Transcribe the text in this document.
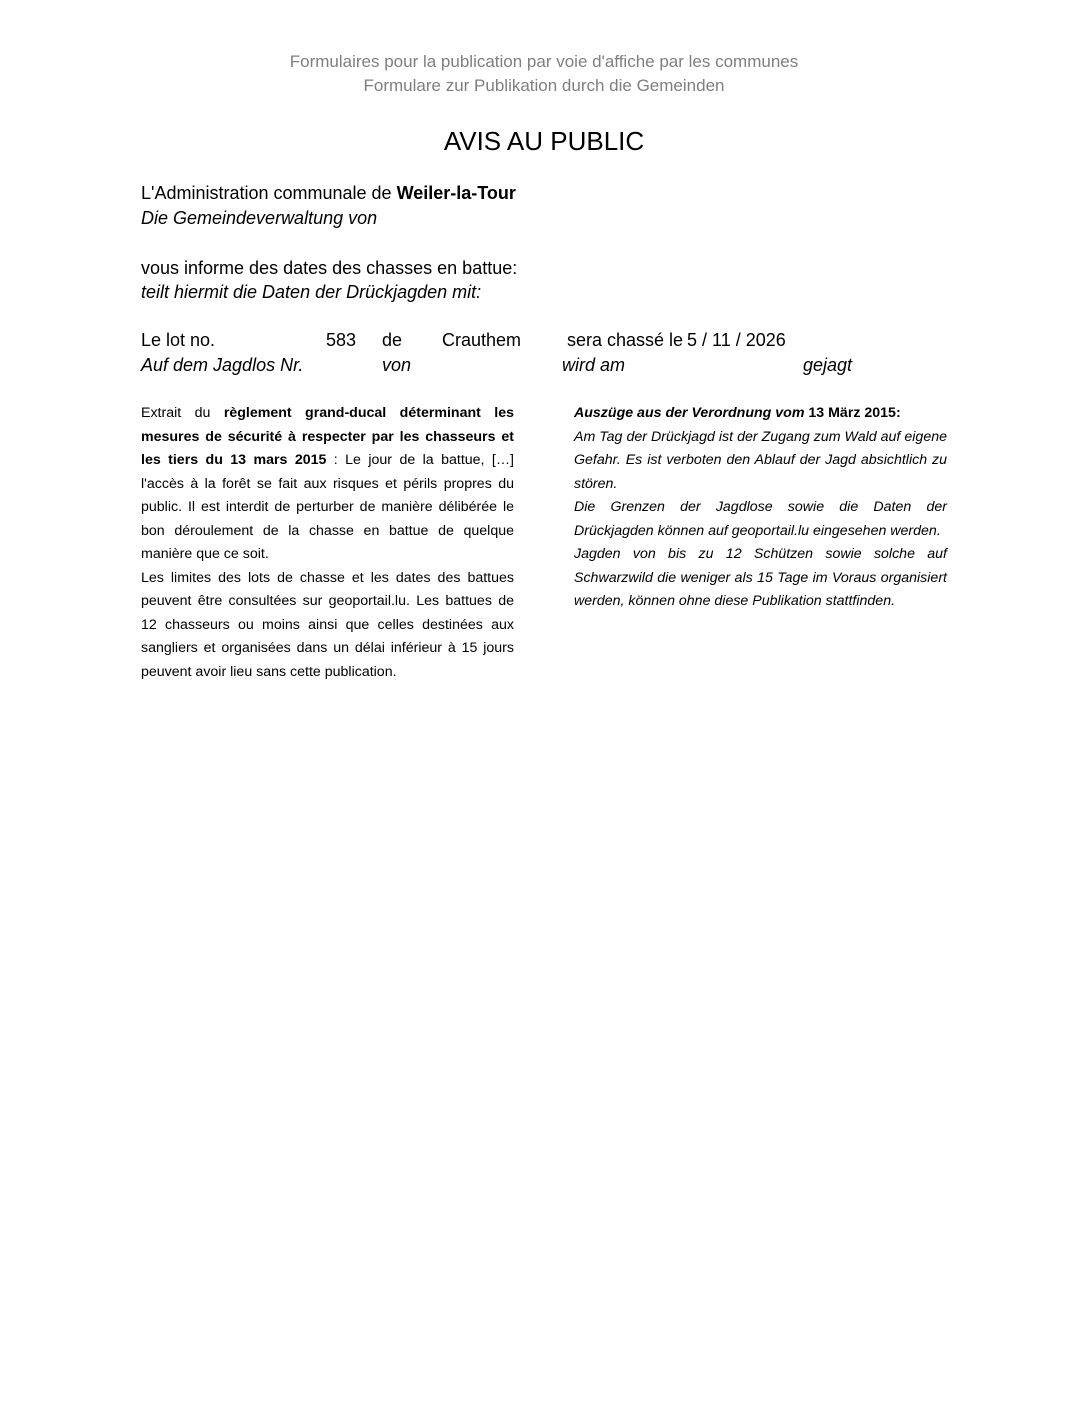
Formulaires pour la publication par voie d'affiche par les communes
Formulare zur Publikation durch die Gemeinden
AVIS AU PUBLIC
L'Administration communale de Weiler-la-Tour
Die Gemeindeverwaltung von
vous informe des dates des chasses en battue:
teilt hiermit die Daten der Drückjagden mit:
Le lot no.	583 de Crauthem	sera chassé le 5 / 11 / 2026
Auf dem Jagdlos Nr.	von	wird am	gejagt

Extrait du règlement grand-ducal déterminant les mesures de sécurité à respecter par les chasseurs et les tiers du 13 mars 2015 : Le jour de la battue, […] l'accès à la forêt se fait aux risques et périls propres du public. Il est interdit de perturber de manière délibérée le bon déroulement de la chasse en battue de quelque manière que ce soit.

Les limites des lots de chasse et les dates des battues peuvent être consultées sur geoportail.lu. Les battues de 12 chasseurs ou moins ainsi que celles destinées aux sangliers et organisées dans un délai inférieur à 15 jours peuvent avoir lieu sans cette publication.

Auszüge aus der Verordnung vom 13 März 2015:

Am Tag der Drückjagd ist der Zugang zum Wald auf eigene Gefahr. Es ist verboten den Ablauf der Jagd absichtlich zu stören.

Die Grenzen der Jagdlose sowie die Daten der Drückjagden können auf geoportail.lu eingesehen werden.

Jagden von bis zu 12 Schützen sowie solche auf Schwarzwild die weniger als 15 Tage im Voraus organisiert werden, können ohne diese Publikation stattfinden.
